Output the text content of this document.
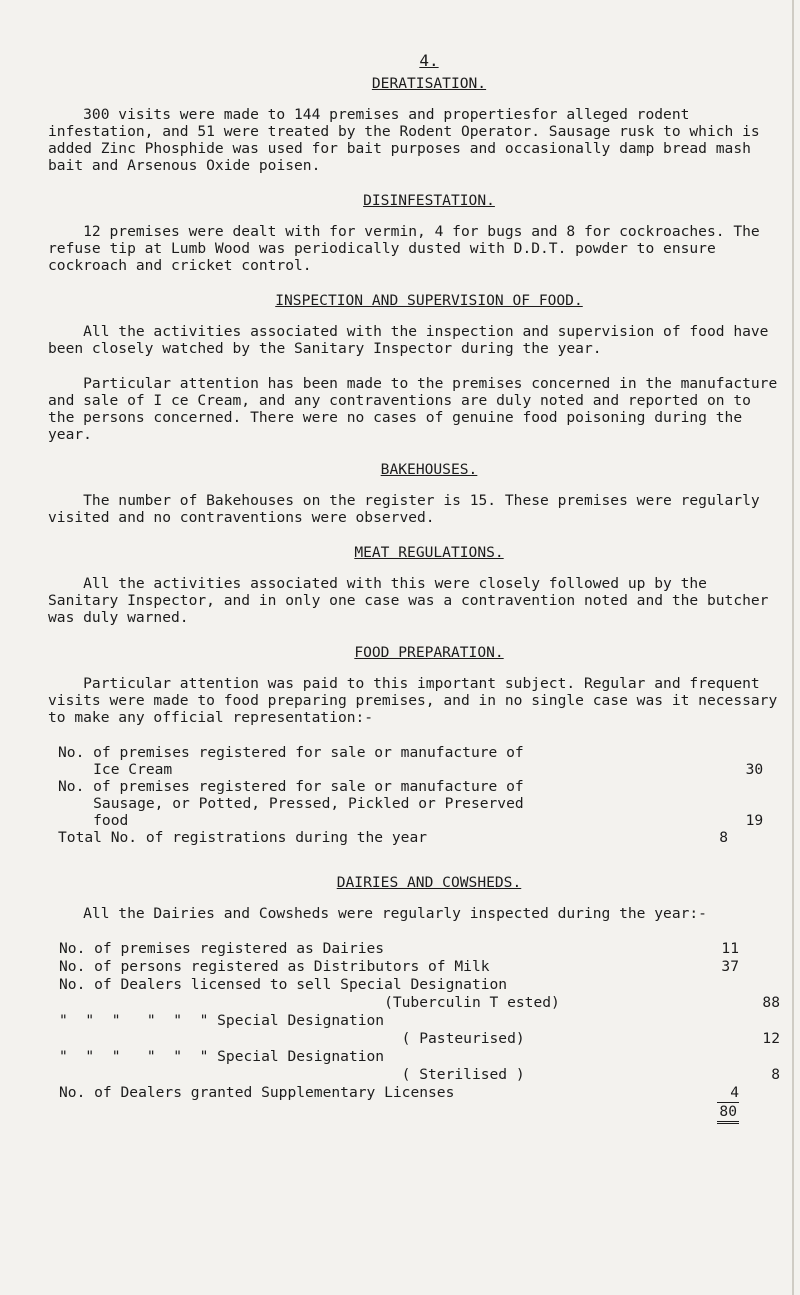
4.
DERATISATION.

300 visits were made to 144 premises and propertiesfor alleged rodent infestation, and 51 were treated by the Rodent Operator. Sausage rusk to which is added Zinc Phosphide was used for bait purposes and occasionally damp bread mash bait and Arsenous Oxide poisen.

DISINFESTATION.

12 premises were dealt with for vermin, 4 for bugs and 8 for cockroaches. The refuse tip at Lumb Wood was periodically dusted with D.D.T. powder to ensure cockroach and cricket control.

INSPECTION AND SUPERVISION OF FOOD.

All the activities associated with the inspection and supervision of food have been closely watched by the Sanitary Inspector during the year.

Particular attention has been made to the premises concerned in the manufacture and sale of I ce Cream, and any contraventions are duly noted and reported on to the persons concerned. There were no cases of genuine food poisoning during the year.

BAKEHOUSES.

The number of Bakehouses on the register is 15. These premises were regularly visited and no contraventions were observed.

MEAT REGULATIONS.

All the activities associated with this were closely followed up by the Sanitary Inspector, and in only one case was a contravention noted and the butcher was duly warned.

FOOD PREPARATION.

Particular attention was paid to this important subject. Regular and frequent visits were made to food preparing premises, and in no single case was it necessary to make any official representation:-

No. of premises registered for sale or manufacture of
Ice Cream	30
No. of premises registered for sale or manufacture of
Sausage, or Potted, Pressed, Pickled or Preserved
food	19
Total No. of registrations during the year	8
DAIRIES AND COWSHEDS.

All the Dairies and Cowsheds were regularly inspected during the year:-

No. of premises registered as Dairies	11
No. of persons registered as Distributors of Milk	37
No. of Dealers licensed to sell Special Designation
(Tuberculin T ested)	88
"  "  "   "  "  " Special Designation
( Pasteurised)	12
"  "  "   "  "  " Special Designation
( Sterilised )	8
No. of Dealers granted Supplementary Licenses	4
80
